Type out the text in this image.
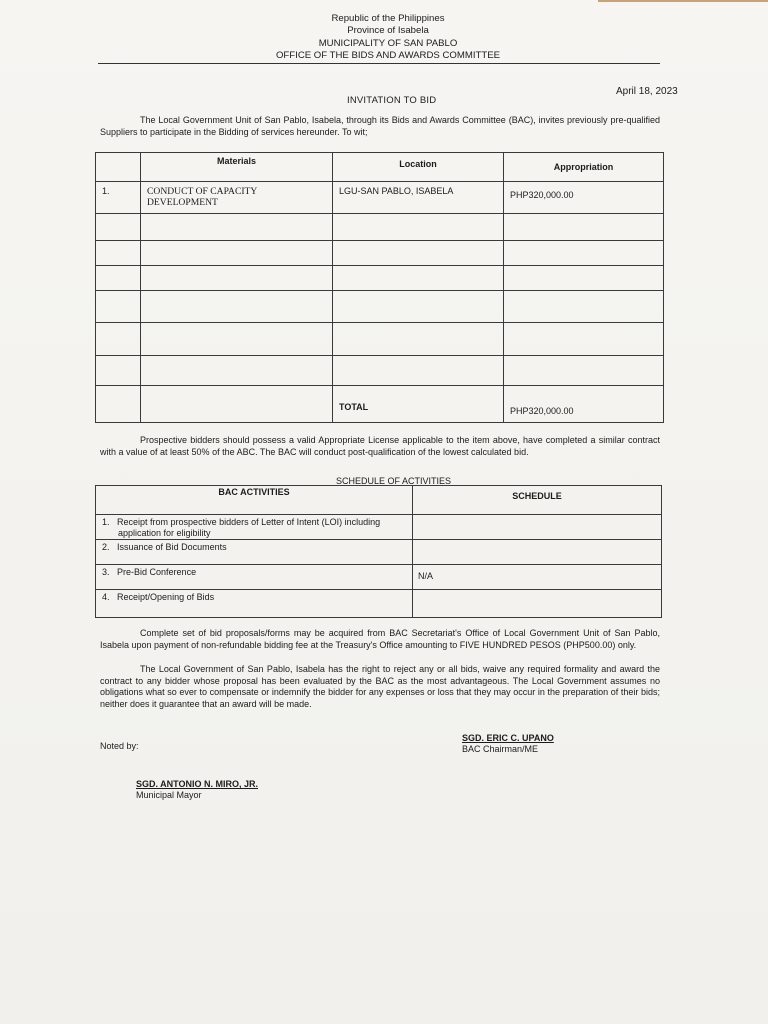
Republic of the Philippines
Province of Isabela
MUNICIPALITY OF SAN PABLO
OFFICE OF THE BIDS AND AWARDS COMMITTEE
April 18, 2023
INVITATION TO BID
The Local Government Unit of San Pablo, Isabela, through its Bids and Awards Committee (BAC), invites previously pre-qualified Suppliers to participate in the Bidding of services hereunder. To wit;
	Materials	Location	Appropriation
1.	CONDUCT OF CAPACITY DEVELOPMENT	LGU-SAN PABLO, ISABELA	PHP320,000.00

		TOTAL	PHP320,000.00
Prospective bidders should possess a valid Appropriate License applicable to the item above, have completed a similar contract with a value of at least 50% of the ABC. The BAC will conduct post-qualification of the lowest calculated bid.
SCHEDULE OF ACTIVITIES
BAC ACTIVITIES	SCHEDULE
1. Receipt from prospective bidders of Letter of Intent (LOI) including application for eligibility	
2. Issuance of Bid Documents	
3. Pre-Bid Conference	N/A
4. Receipt/Opening of Bids	
Complete set of bid proposals/forms may be acquired from BAC Secretariat's Office of Local Government Unit of San Pablo, Isabela upon payment of non-refundable bidding fee at the Treasury's Office amounting to FIVE HUNDRED PESOS (PHP500.00) only.
The Local Government of San Pablo, Isabela has the right to reject any or all bids, waive any required formality and award the contract to any bidder whose proposal has been evaluated by the BAC as the most advantageous. The Local Government assumes no obligations what so ever to compensate or indemnify the bidder for any expenses or loss that they may occur in the preparation of their bids; neither does it guarantee that an award will be made.
Noted by:
SGD. ERIC C. UPANO
BAC Chairman/ME
SGD. ANTONIO N. MIRO, JR.
Municipal Mayor
